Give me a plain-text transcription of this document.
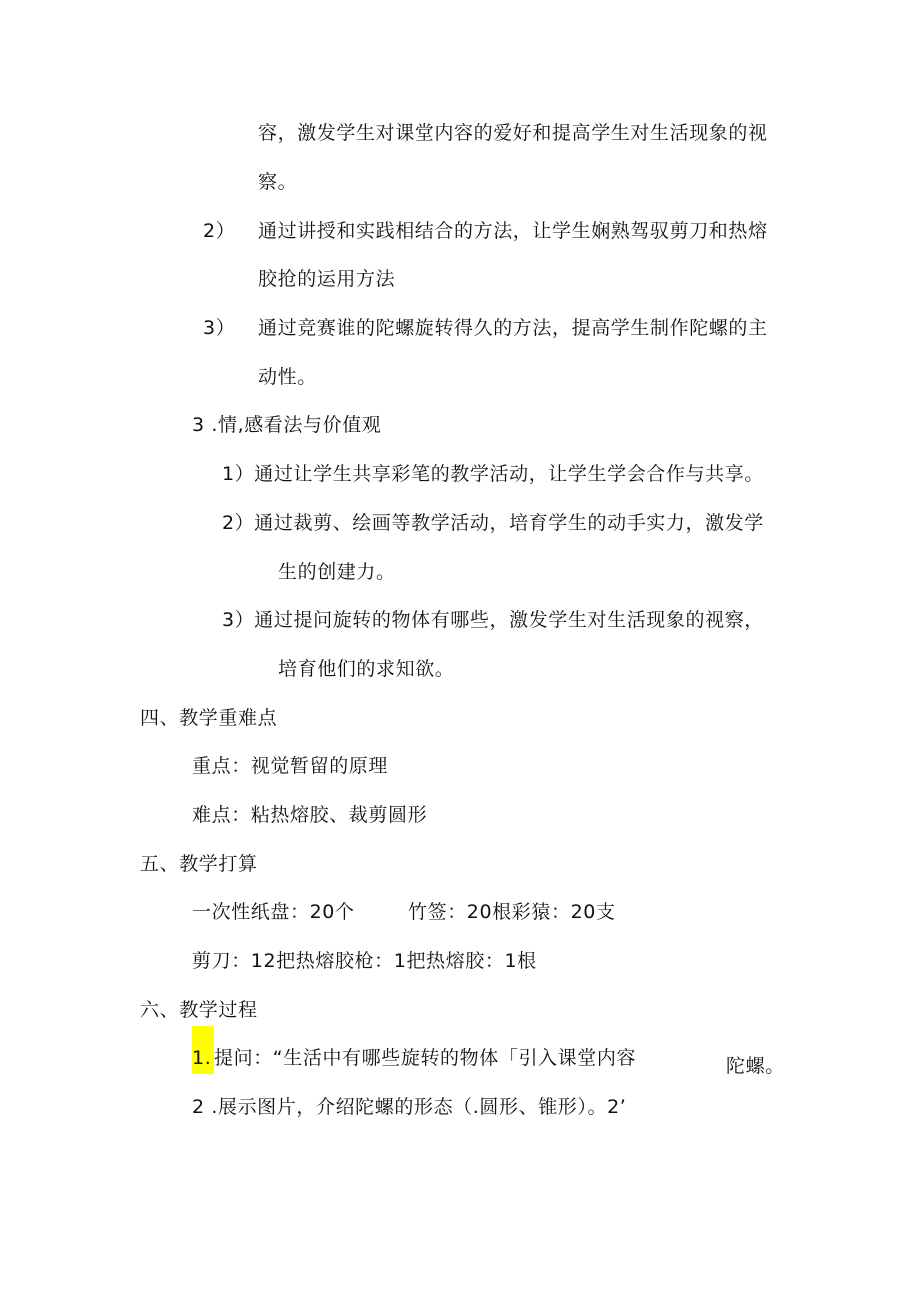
容，激发学生对课堂内容的爱好和提高学生对生活现象的视
察。
2） 通过讲授和实践相结合的方法，让学生娴熟驾驭剪刀和热熔
胶抢的运用方法
3） 通过竞赛谁的陀螺旋转得久的方法，提高学生制作陀螺的主
动性。
3 .情,感看法与价值观
1）通过让学生共享彩笔的教学活动，让学生学会合作与共享。
2）通过裁剪、绘画等教学活动，培育学生的动手实力，激发学
生的创建力。
3）通过提问旋转的物体有哪些，激发学生对生活现象的视察，
培育他们的求知欲。
四、教学重难点
重点：视觉暂留的原理
难点：粘热熔胶、裁剪圆形
五、教学打算
一次性纸盘：20个	竹签：20根彩猿：20支
剪刀：12把热熔胶枪：1把热熔胶：1根
六、教学过程
1. 提问：“生活中有哪些旋转的物体「引入课堂内容	陀螺。
2 .展示图片，介绍陀螺的形态（.圆形、锥形）。2’
